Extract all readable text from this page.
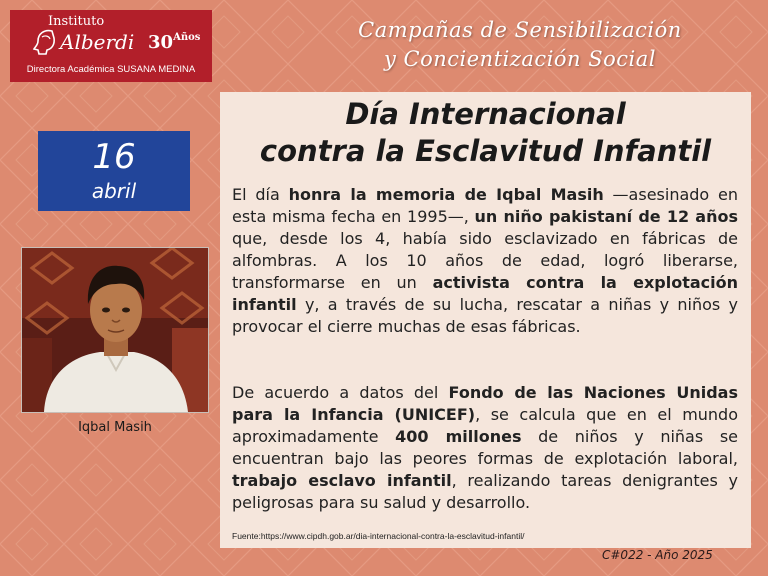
Instituto
Alberdi $30^{Años}$
Directora Académica SUSANA MEDINA
Campañas de Sensibilización
y Concientización Social
16
abril
Iqbal Masih
Día Internacional
contra la Esclavitud Infantil

El día honra la memoria de Iqbal Masih —asesinado en esta misma fecha en 1995—, un niño pakistaní de 12 años que, desde los 4, había sido esclavizado en fábricas de alfombras. A los 10 años de edad, logró liberarse, transformarse en un activista contra la explotación infantil y, a través de su lucha, rescatar a niñas y niños y provocar el cierre muchas de esas fábricas.

De acuerdo a datos del Fondo de las Naciones Unidas para la Infancia (UNICEF), se calcula que en el mundo aproximadamente 400 millones de niños y niñas se encuentran bajo las peores formas de explotación laboral, trabajo esclavo infantil, realizando tareas denigrantes y peligrosas para su salud y desarrollo.

Fuente:https://www.cipdh.gob.ar/dia-internacional-contra-la-esclavitud-infantil/
C#022 - Año 2025
